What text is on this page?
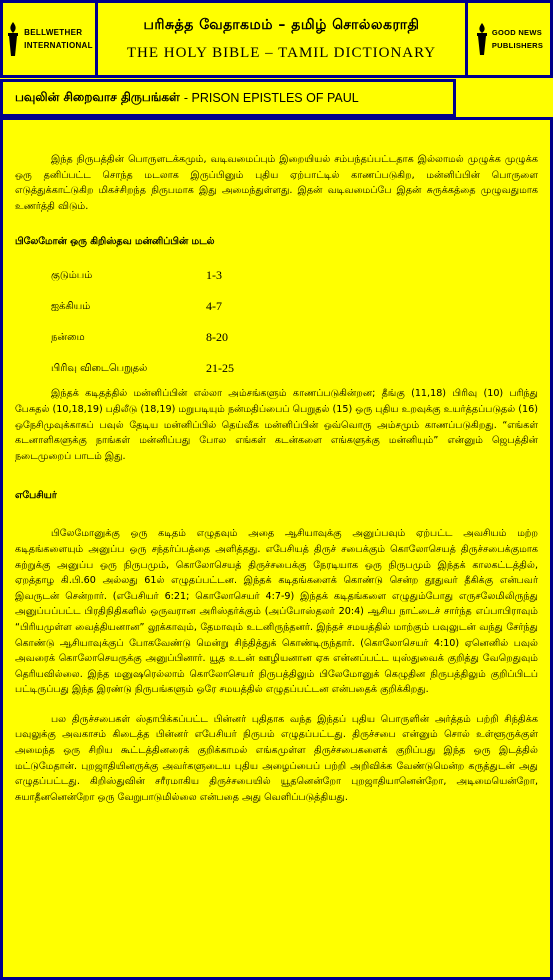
BELLWETHER
INTERNATIONAL
பரிசுத்த வேதாகமம் – தமிழ் சொல்லகராதி
THE HOLY BIBLE – TAMIL DICTIONARY
GOOD NEWS
PUBLISHERS
பவுலின் சிறைவாச திருபங்கள் - PRISON EPISTLES OF PAUL

இந்த நிருபத்தின் பொருளடக்கமும், வடிவமைப்பும் இறையியல் சம்பந்தப்பட்டதாக இல்லாமல் முழுக்க முழுக்க ஒரு தனிப்பட்ட சொந்த மடலாக இருப்பினும் புதிய ஏற்பாட்டில் காணப்படுகிற, மன்னிப்பின் பொருளை எடுத்துக்காட்டுகிற மிகச்சிறந்த நிருபமாக இது அமைந்துள்ளது. இதன் வடிவமைப்பே இதன் சுருக்கத்தை முழுவதுமாக உணர்த்தி விடும்.

பிலேமோன் ஒரு கிறிஸ்தவ மன்னிப்பின் மடல்

குடும்பம்	1-3
ஐக்கியம்	4-7
நன்மை	8-20
பிரிவு விடைபெறுதல்	21-25

இந்தக் கடிதத்தில் மன்னிப்பின் எல்லா அம்சங்களும் காணப்படுகின்றன; தீங்கு (11,18) பிரிவு (10) பரிந்து பேசுதல் (10,18,19) பதிலீடு (18,19) மறுபடியும் நன்மதிப்பைப் பெறுதல் (15) ஒரு புதிய உறவுக்கு உயர்த்தப்படுதல் (16) ஒநேசிமுவுக்காகப் பவுல் தேடிய மன்னிப்பில் தெய்வீக மன்னிப்பின் ஒவ்வொரு அம்சமும் காணப்படுகிறது. “எங்கள் கடனாளிகளுக்கு நாங்கள் மன்னிப்பது போல எங்கள் கடன்களை எங்களுக்கு மன்னியும்” என்னும் ஜெபத்தின் நடைமுறைப் பாடம் இது.

எபேசியர்

பிலேமோனுக்கு ஒரு கடிதம் எழுதவும் அதை ஆசியாவுக்கு அனுப்பவும் ஏற்பட்ட அவசியம் மற்ற கடிதங்களையும் அனுப்ப ஒரு சந்தர்ப்பத்தை அளித்தது. எபேசியத் திருச் சபைக்கும் கொலோசெயத் திருச்சபைக்குமாக சுற்றுக்கு அனுப்ப ஒரு நிருபமும், கொலோசெயத் திருச்சபைக்கு நேரடியாக ஒரு நிருபமும் இந்தக் காலகட்டத்தில், ஏறத்தாழ கி.பி.60 அல்லது 61ல் எழுதப்பட்டன. இந்தக் கடிதங்களைக் கொண்டு சென்ற தூதுவர் தீகிக்கு என்பவர் இவருடன் சென்றார். (எபேசியர் 6:21; கொலோசெயர் 4:7-9) இந்தக் கடிதங்களை எழுதும்போது எருசலேமிலிருந்து அனுப்பப்பட்ட பிரதிநிதிகளில் ஒருவரான அரிஸ்தர்க்கும் (அப்போஸ்தலர் 20:4) ஆசிய நாட்டைச் சார்ந்த எப்பாபிராவும் “பிரியமுள்ள வைத்தியனான” லூக்காவும், தேமாவும் உடனிருந்தனர். இந்தச் சமயத்தில் மாற்கும் பவுலுடன் வந்து சேர்ந்து கொண்டு ஆசியாவுக்குப் போகவேண்டு மென்று சிந்தித்துக் கொண்டிருந்தார். (கொலோசெயர் 4:10) ஏனெனில் பவுல் அவரைக் கொலோசெயருக்கு அனுப்பினார். யூத உடன் ஊழியனான ஏசு என்னப்பட்ட யுஸ்துவைக் குறித்து வேறெதுவும் தெரியவில்லை. இந்த மனுஷரெல்லாம் கொலோசெயர் நிருபத்திலும் பிலேமோனுக் கெழுதின நிருபத்திலும் குறிப்பிடப் பட்டிருப்பது இந்த இரண்டு நிருபங்களும் ஒரே சமயத்தில் எழுதப்பட்டன என்பதைக் குறிக்கிறது.

பல திருச்சபைகள் ஸ்தாபிக்கப்பட்ட பின்னர் புதிதாக வந்த இந்தப் புதிய பொருளின் அர்த்தம் பற்றி சிந்திக்க பவுலுக்கு அவகாசம் கிடைத்த பின்னர் எபேசியர் நிருபம் எழுதப்பட்டது. திருச்சபை என்னும் சொல் உள்ளூருக்குள் அமைந்த ஒரு சிறிய கூட்டத்தினரைக் குறிக்காமல் எங்கமுள்ள திருச்சபைகளைக் குறிப்பது இந்த ஒரு இடத்தில் மட்டுமேதான். புறஜாதியினருக்கு அவர்களுடைய புதிய அழைப்பைப் பற்றி அறிவிக்க வேண்டுமென்ற கருத்துடன் அது எழுதப்பட்டது. கிறிஸ்துவின் சரீரமாகிய திருச்சபையில் யூதனென்றோ புறஜாதியானென்றோ, அடிமையென்றோ, சுயாதீனனென்றோ ஒரு வேறுபாடுமில்லை என்பதை அது வெளிப்படுத்தியது.
